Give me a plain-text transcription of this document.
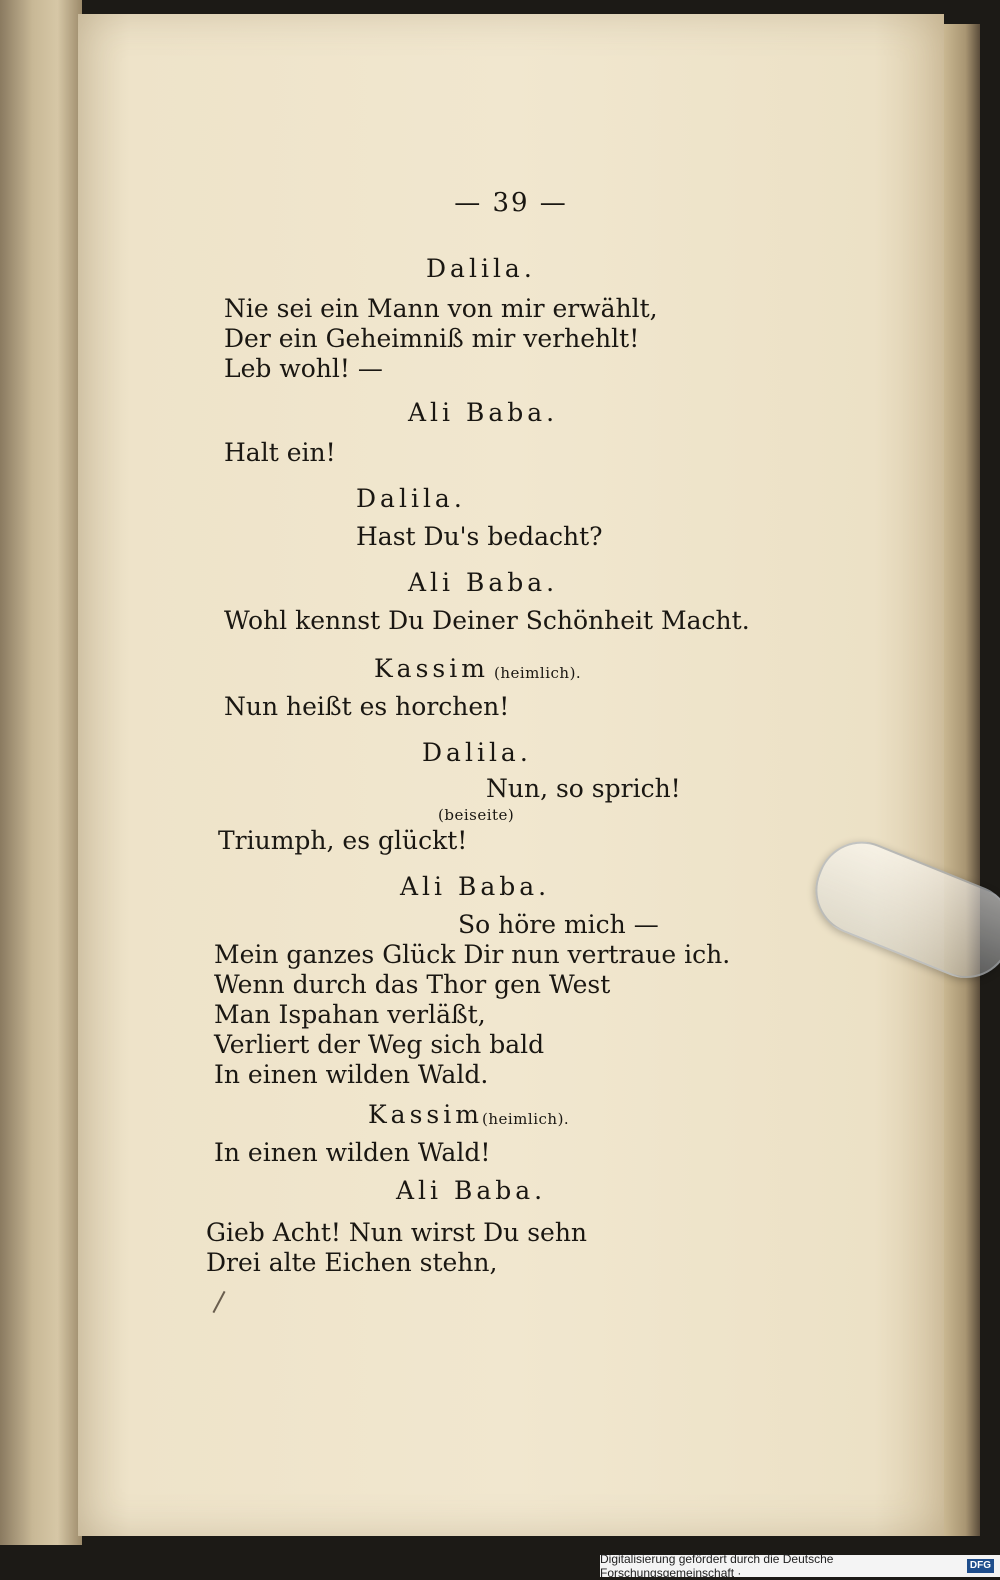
— 39 —
Dalila.
Nie sei ein Mann von mir erwählt,
Der ein Geheimniß mir verhehlt!
Leb wohl! —
Ali Baba.
Halt ein!
Dalila.
Hast Du's bedacht?
Ali Baba.
Wohl kennst Du Deiner Schönheit Macht.
Kassim (heimlich).
Nun heißt es horchen!
Dalila.
Nun, so sprich!
(beiseite)
Triumph, es glückt!
Ali Baba.
So höre mich —
Mein ganzes Glück Dir nun vertraue ich.
Wenn durch das Thor gen West
Man Ispahan verläßt,
Verliert der Weg sich bald
In einen wilden Wald.
Kassim (heimlich).
In einen wilden Wald!
Ali Baba.
Gieb Acht! Nun wirst Du sehn
Drei alte Eichen stehn,
Digitalisierung gefördert durch die Deutsche Forschungsgemeinschaft ·
DFG
